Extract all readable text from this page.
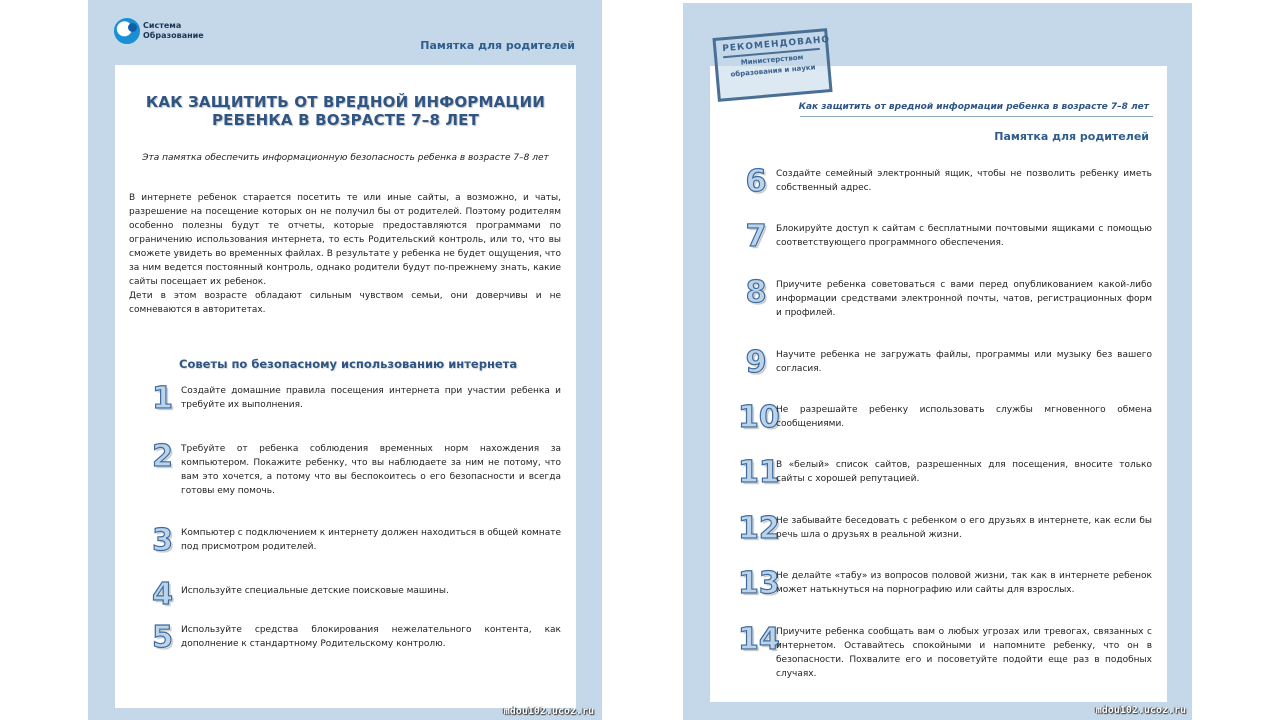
Система
Образование
Памятка для родителей
КАК ЗАЩИТИТЬ ОТ ВРЕДНОЙ ИНФОРМАЦИИ
РЕБЕНКА В ВОЗРАСТЕ 7–8 ЛЕТ
Эта памятка обеспечить информационную безопасность ребенка в возрасте 7–8 лет
В интернете ребенок старается посетить те или иные сайты, а возможно, и чаты, разрешение на посещение которых он не получил бы от родителей. Поэтому родителям особенно полезны будут те отчеты, которые предоставляются программами по ограничению использования интернета, то есть Родительский контроль, или то, что вы сможете увидеть во временных файлах. В результате у ребенка не будет ощущения, что за ним ведется постоянный контроль, однако родители будут по-прежнему знать, какие сайты посещает их ребенок.
Дети в этом возрасте обладают сильным чувством семьи, они доверчивы и не сомневаются в авторитетах.
Советы по безопасному использованию интернета
1 Создайте домашние правила посещения интернета при участии ребенка и требуйте их выполнения.
2 Требуйте от ребенка соблюдения временных норм нахождения за компьютером. Покажите ребенку, что вы наблюдаете за ним не потому, что вам это хочется, а потому что вы беспокоитесь о его безопасности и всегда готовы ему помочь.
3 Компьютер с подключением к интернету должен находиться в общей комнате под присмотром родителей.
4 Используйте специальные детские поисковые машины.
5 Используйте средства блокирования нежелательного контента, как дополнение к стандартному Родительскому контролю.
mdou102.ucoz.ru
Как защитить от вредной информации ребенка в возрасте 7–8 лет
Памятка для родителей
6	Создайте семейный электронный ящик, чтобы не позволить ребенку иметь собственный адрес.
7	Блокируйте доступ к сайтам с бесплатными почтовыми ящиками с помощью соответствующего программного обеспечения.
8	Приучите ребенка советоваться с вами перед опубликованием какой-либо информации средствами электронной почты, чатов, регистрационных форм и профилей.
9	Научите ребенка не загружать файлы, программы или музыку без вашего согласия.
10
Не разрешайте ребенку использовать службы мгновенного обмена сообщениями.
11
В «белый» список сайтов, разрешенных для посещения, вносите только сайты с хорошей репутацией.
12
Не забывайте беседовать с ребенком о его друзьях в интернете, как если бы речь шла о друзьях в реальной жизни.
13
Не делайте «табу» из вопросов половой жизни, так как в интернете ребенок может натькнуться на порнографию или сайты для взрослых.
14
Приучите ребенка сообщать вам о любых угрозах или тревогах, связанных с интернетом. Оставайтесь спокойными и напомните ребенку, что он в безопасности. Похвалите его и посоветуйте подойти еще раз в подобных случаях.
РЕКОМЕНДОВАНО
Министерством
образования и науки
mdou102.ucoz.ru
